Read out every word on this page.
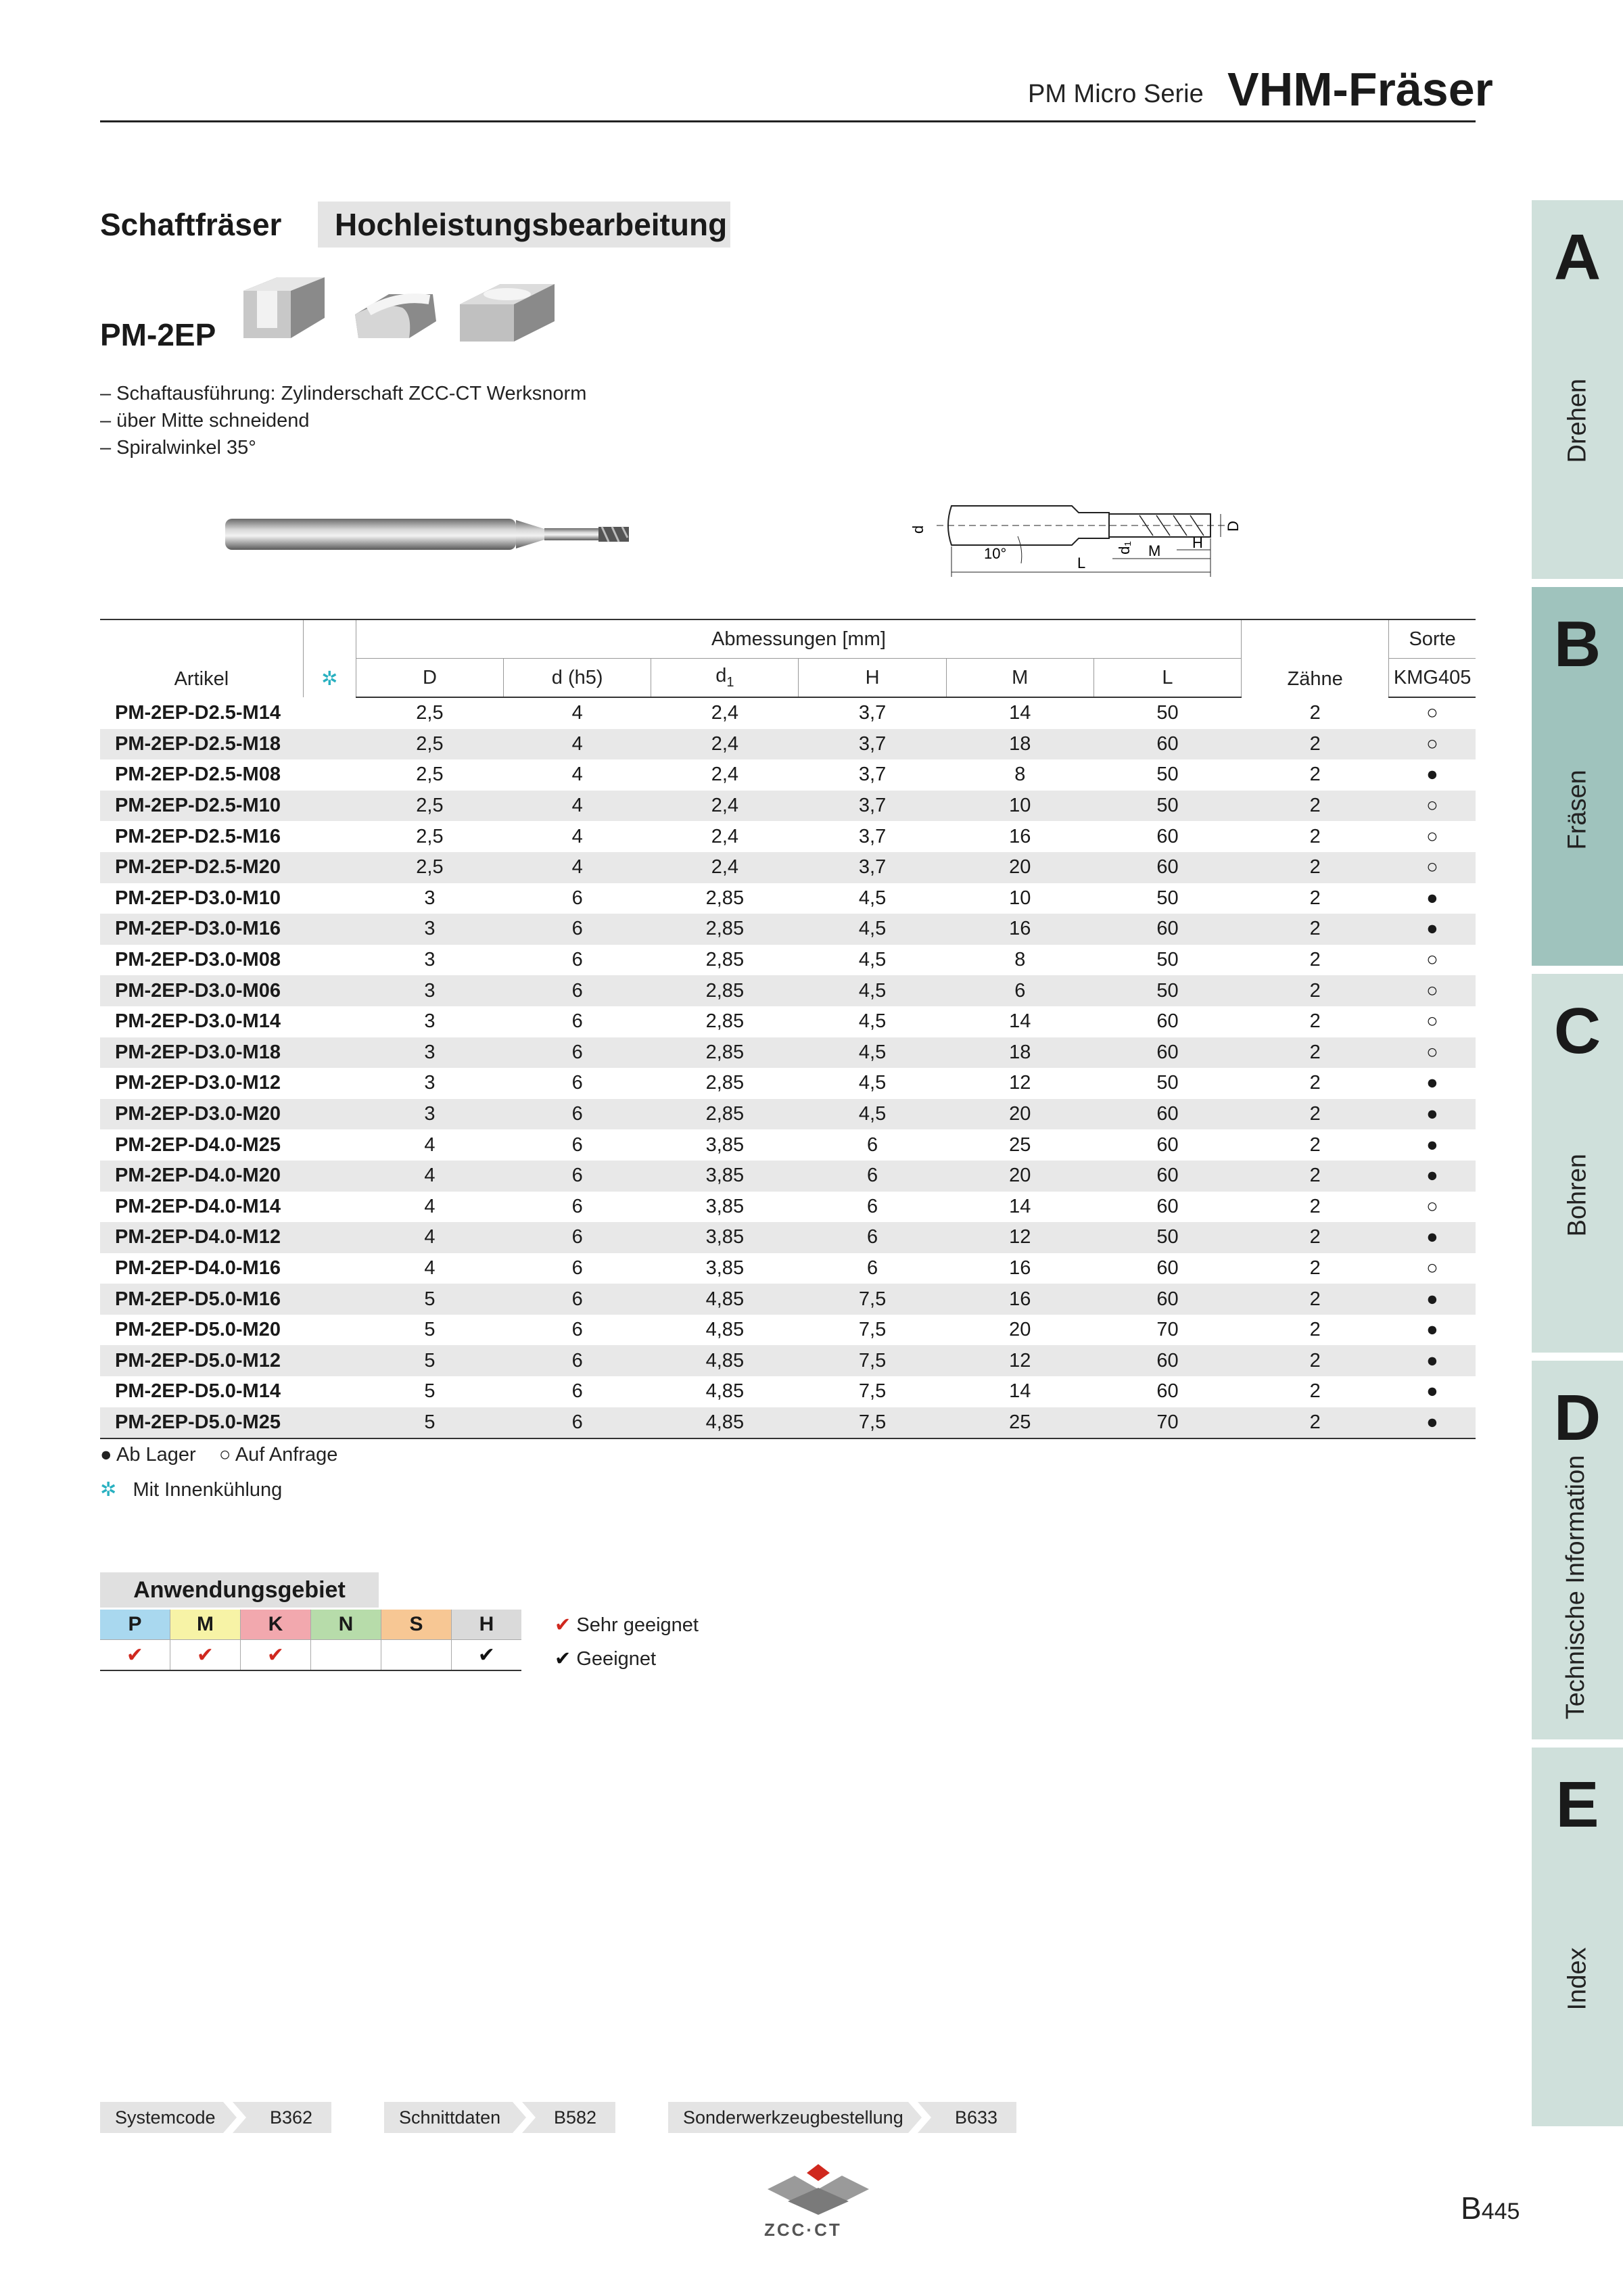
PM Micro Serie VHM-Fräser
A
Drehen
B
Fräsen
C
Bohren
D
Technische Information
E
Index
Schaftfräser Hochleistungsbearbeitung
PM-2EP
– Schaftausführung: Zylinderschaft ZCC-CT Werksnorm
– über Mitte schneidend
– Spiralwinkel 35°
d	D
d₁
10°
L
M H
Artikel	✲	Abmessungen [mm]						Zähne	Sorte
		D	d (h5)	$d_1$	H	M	L		KMG405
PM-2EP-D2.5-M14		2,5	4	2,4	3,7	14	50	2	○
PM-2EP-D2.5-M18		2,5	4	2,4	3,7	18	60	2	○
PM-2EP-D2.5-M08		2,5	4	2,4	3,7	8	50	2	●
PM-2EP-D2.5-M10		2,5	4	2,4	3,7	10	50	2	○
PM-2EP-D2.5-M16		2,5	4	2,4	3,7	16	60	2	○
PM-2EP-D2.5-M20		2,5	4	2,4	3,7	20	60	2	○
PM-2EP-D3.0-M10		3	6	2,85	4,5	10	50	2	●
PM-2EP-D3.0-M16		3	6	2,85	4,5	16	60	2	●
PM-2EP-D3.0-M08		3	6	2,85	4,5	8	50	2	○
PM-2EP-D3.0-M06		3	6	2,85	4,5	6	50	2	○
PM-2EP-D3.0-M14		3	6	2,85	4,5	14	60	2	○
PM-2EP-D3.0-M18		3	6	2,85	4,5	18	60	2	○
PM-2EP-D3.0-M12		3	6	2,85	4,5	12	50	2	●
PM-2EP-D3.0-M20		3	6	2,85	4,5	20	60	2	●
PM-2EP-D4.0-M25		4	6	3,85	6	25	60	2	●
PM-2EP-D4.0-M20		4	6	3,85	6	20	60	2	●
PM-2EP-D4.0-M14		4	6	3,85	6	14	60	2	○
PM-2EP-D4.0-M12		4	6	3,85	6	12	50	2	●
PM-2EP-D4.0-M16		4	6	3,85	6	16	60	2	○
PM-2EP-D5.0-M16		5	6	4,85	7,5	16	60	2	●
PM-2EP-D5.0-M20		5	6	4,85	7,5	20	70	2	●
PM-2EP-D5.0-M12		5	6	4,85	7,5	12	60	2	●
PM-2EP-D5.0-M14		5	6	4,85	7,5	14	60	2	●
PM-2EP-D5.0-M25		5	6	4,85	7,5	25	70	2	●
● Ab Lager ○ Auf Anfrage
✲ Mit Innenkühlung
Anwendungsgebiet
P	M	K	N	S	H
✔	✔	✔			✔
✔ Sehr geeignet
✔ Geeignet
Systemcode	B362	Schnittdaten	B582	Sonderwerkzeugbestellung	B633
ZCC·CT
B445
